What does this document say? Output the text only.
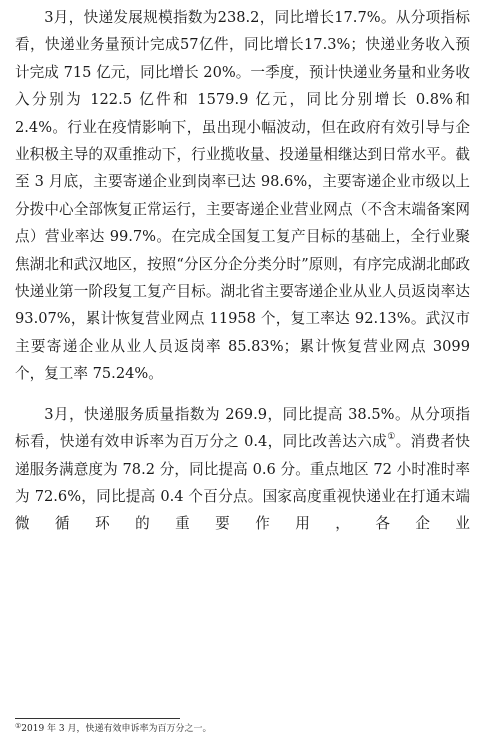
3月，快递发展规模指数为238.2，同比增长17.7%。从分项指标看，快递业务量预计完成57亿件，同比增长17.3%；快递业务收入预计完成 715 亿元，同比增长 20%。一季度，预计快递业务量和业务收入分别为 122.5 亿件和 1579.9 亿元，同比分别增长 0.8%和 2.4%。行业在疫情影响下，虽出现小幅波动，但在政府有效引导与企业积极主导的双重推动下，行业揽收量、投递量相继达到日常水平。截至 3 月底，主要寄递企业到岗率已达 98.6%，主要寄递企业市级以上分拨中心全部恢复正常运行，主要寄递企业营业网点（不含末端备案网点）营业率达 99.7%。在完成全国复工复产目标的基础上，全行业聚焦湖北和武汉地区，按照“分区分企分类分时”原则，有序完成湖北邮政快递业第一阶段复工复产目标。湖北省主要寄递企业从业人员返岗率达 93.07%，累计恢复营业网点 11958 个，复工率达 92.13%。武汉市主要寄递企业从业人员返岗率 85.83%；累计恢复营业网点 3099 个，复工率 75.24%。

3月，快递服务质量指数为 269.9，同比提高 38.5%。从分项指标看，快递有效申诉率为百万分之 0.4，同比改善达六成①。消费者快递服务满意度为 78.2 分，同比提高 0.6 分。重点地区 72 小时准时率为 72.6%，同比提高 0.4 个百分点。国家高度重视快递业在打通末端微循环的重要作用，各企业

①2019 年 3 月，快递有效申诉率为百万分之一。
